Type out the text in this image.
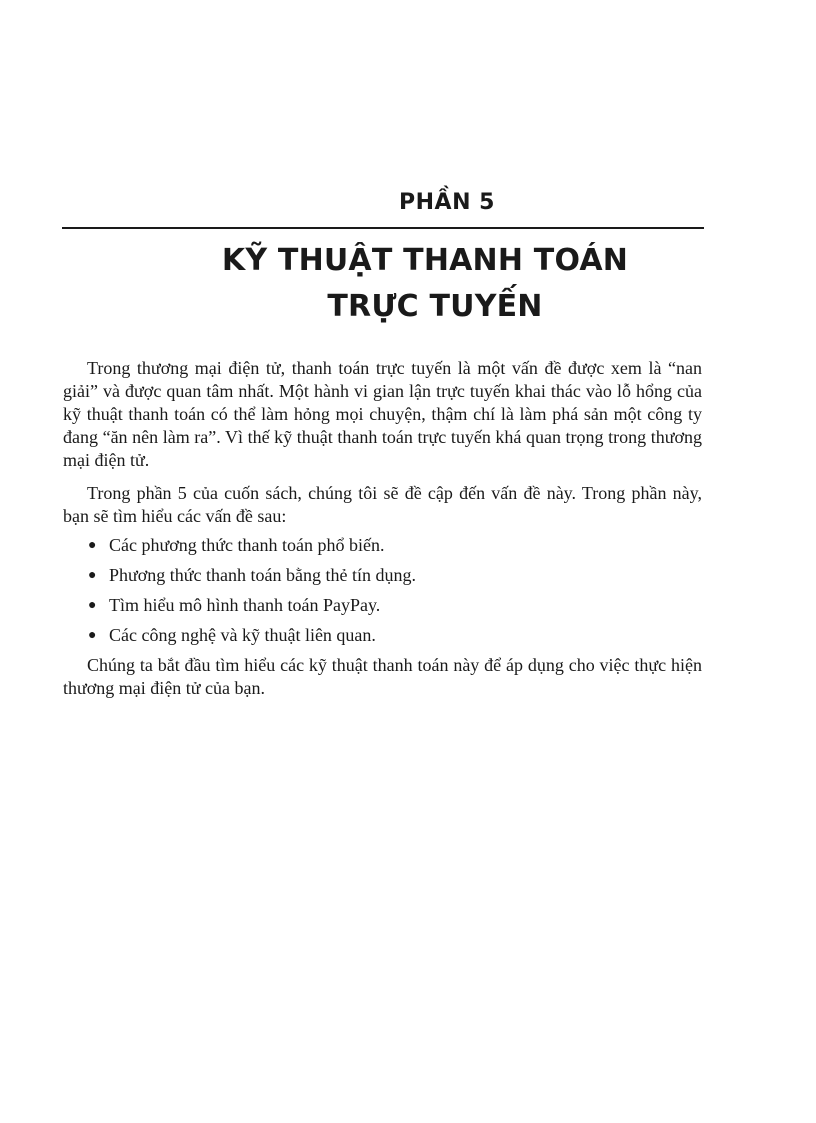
PHẦN 5
KỸ THUẬT THANH TOÁN
TRỰC TUYẾN

Trong thương mại điện tử, thanh toán trực tuyến là một vấn đề được xem là “nan giải” và được quan tâm nhất. Một hành vi gian lận trực tuyến khai thác vào lỗ hổng của kỹ thuật thanh toán có thể làm hỏng mọi chuyện, thậm chí là làm phá sản một công ty đang “ăn nên làm ra”. Vì thế kỹ thuật thanh toán trực tuyến khá quan trọng trong thương mại điện tử.

Trong phần 5 của cuốn sách, chúng tôi sẽ đề cập đến vấn đề này. Trong phần này, bạn sẽ tìm hiểu các vấn đề sau:

● Các phương thức thanh toán phổ biến.
● Phương thức thanh toán bằng thẻ tín dụng.
● Tìm hiểu mô hình thanh toán PayPay.
● Các công nghệ và kỹ thuật liên quan.

Chúng ta bắt đầu tìm hiểu các kỹ thuật thanh toán này để áp dụng cho việc thực hiện thương mại điện tử của bạn.
